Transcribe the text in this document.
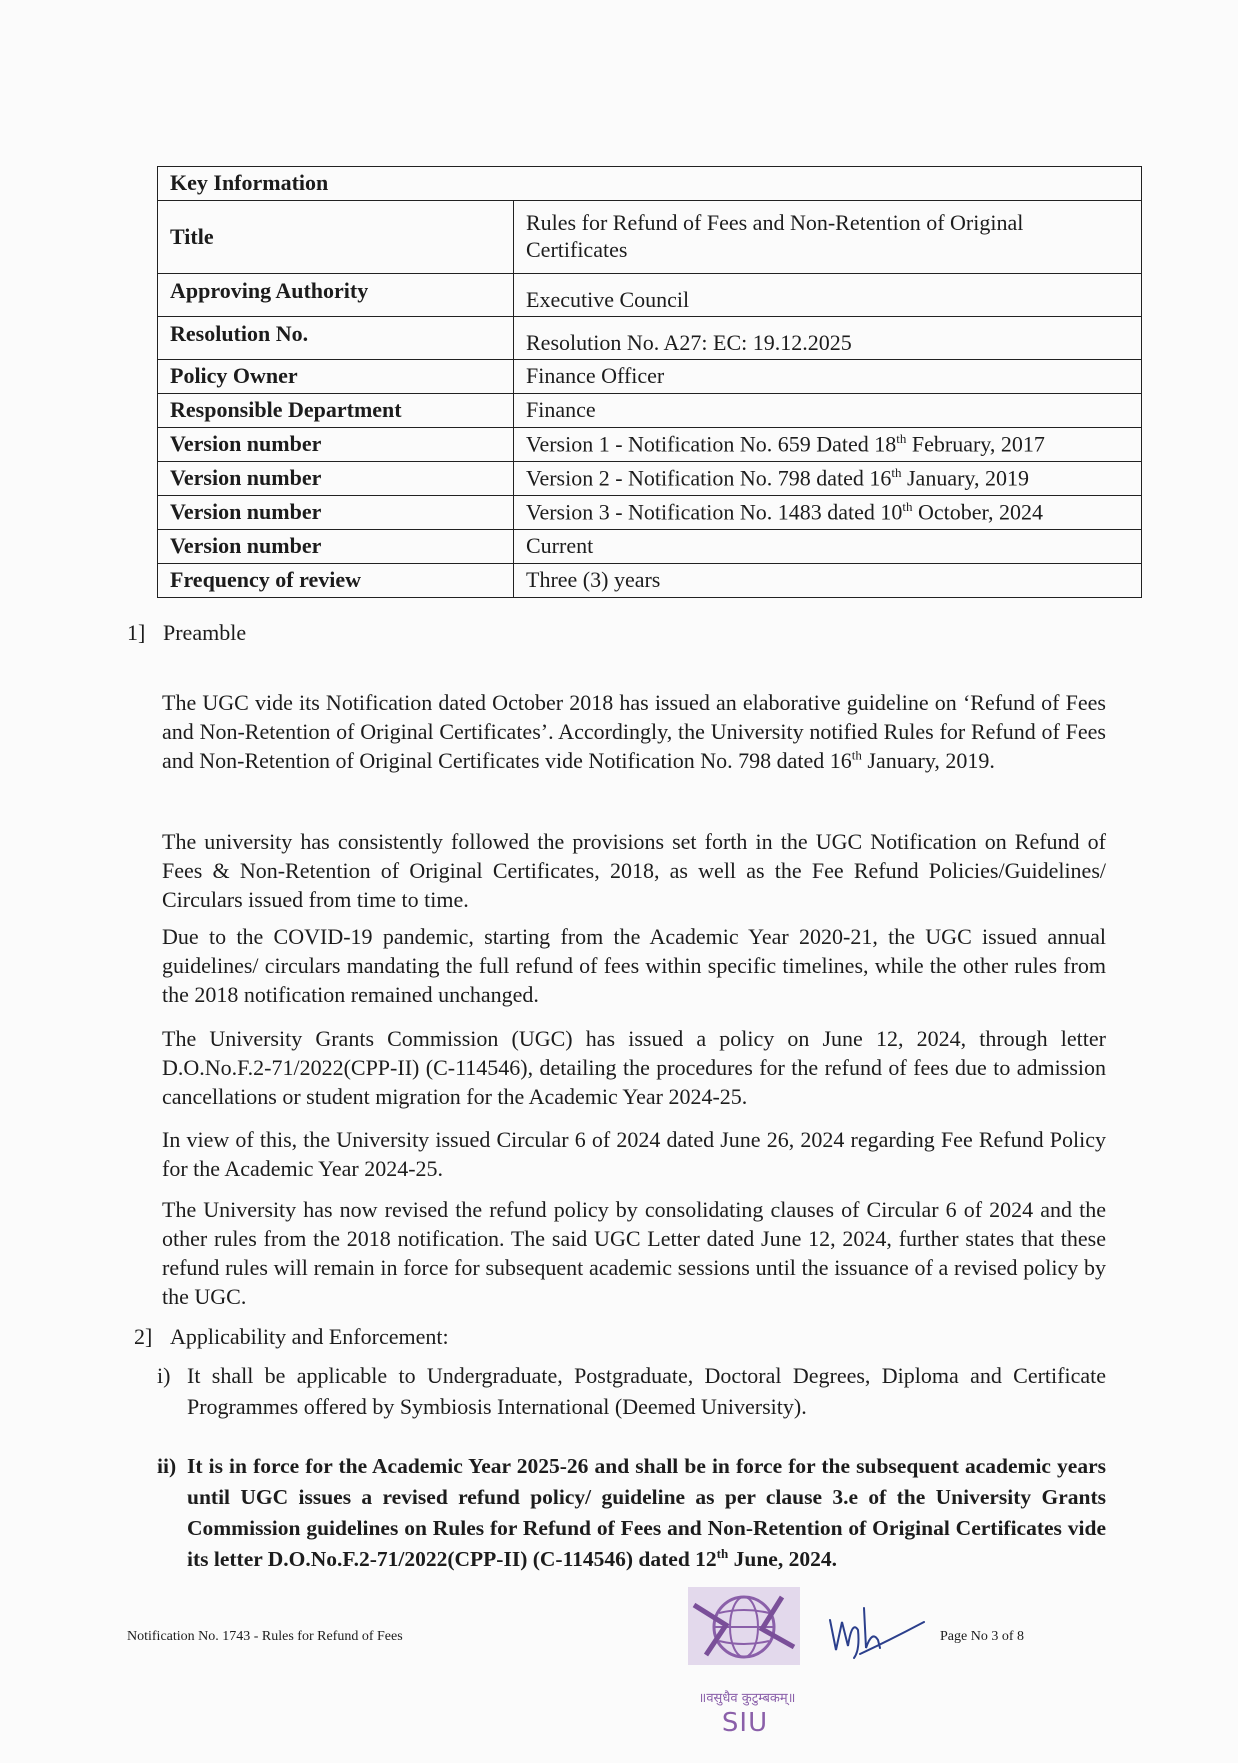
Key Information	
Title	Rules for Refund of Fees and Non-Retention of Original Certificates
Approving Authority	Executive Council
Resolution No.	Resolution No. A27: EC: 19.12.2025
Policy Owner	Finance Officer
Responsible Department	Finance
Version number	Version 1 - Notification No. 659 Dated 18th February, 2017
Version number	Version 2 - Notification No. 798 dated 16th January, 2019
Version number	Version 3 - Notification No. 1483 dated 10th October, 2024
Version number	Current
Frequency of review	Three (3) years
1] Preamble

The UGC vide its Notification dated October 2018 has issued an elaborative guideline on ‘Refund of Fees and Non-Retention of Original Certificates’. Accordingly, the University notified Rules for Refund of Fees and Non-Retention of Original Certificates vide Notification No. 798 dated 16th January, 2019.

The university has consistently followed the provisions set forth in the UGC Notification on Refund of Fees & Non-Retention of Original Certificates, 2018, as well as the Fee Refund Policies/Guidelines/ Circulars issued from time to time.

Due to the COVID-19 pandemic, starting from the Academic Year 2020-21, the UGC issued annual guidelines/ circulars mandating the full refund of fees within specific timelines, while the other rules from the 2018 notification remained unchanged.

The University Grants Commission (UGC) has issued a policy on June 12, 2024, through letter D.O.No.F.2-71/2022(CPP-II) (C-114546), detailing the procedures for the refund of fees due to admission cancellations or student migration for the Academic Year 2024-25.

In view of this, the University issued Circular 6 of 2024 dated June 26, 2024 regarding Fee Refund Policy for the Academic Year 2024-25.

The University has now revised the refund policy by consolidating clauses of Circular 6 of 2024 and the other rules from the 2018 notification. The said UGC Letter dated June 12, 2024, further states that these refund rules will remain in force for subsequent academic sessions until the issuance of a revised policy by the UGC.

2] Applicability and Enforcement:
i) It shall be applicable to Undergraduate, Postgraduate, Doctoral Degrees, Diploma and Certificate Programmes offered by Symbiosis International (Deemed University).
ii) It is in force for the Academic Year 2025-26 and shall be in force for the subsequent academic years until UGC issues a revised refund policy/ guideline as per clause 3.e of the University Grants Commission guidelines on Rules for Refund of Fees and Non-Retention of Original Certificates vide its letter D.O.No.F.2-71/2022(CPP-II) (C-114546) dated 12th June, 2024.
Notification No. 1743 - Rules for Refund of Fees	Page No 3 of 8
॥वसुधैव कुटुम्बकम्॥
SIU
